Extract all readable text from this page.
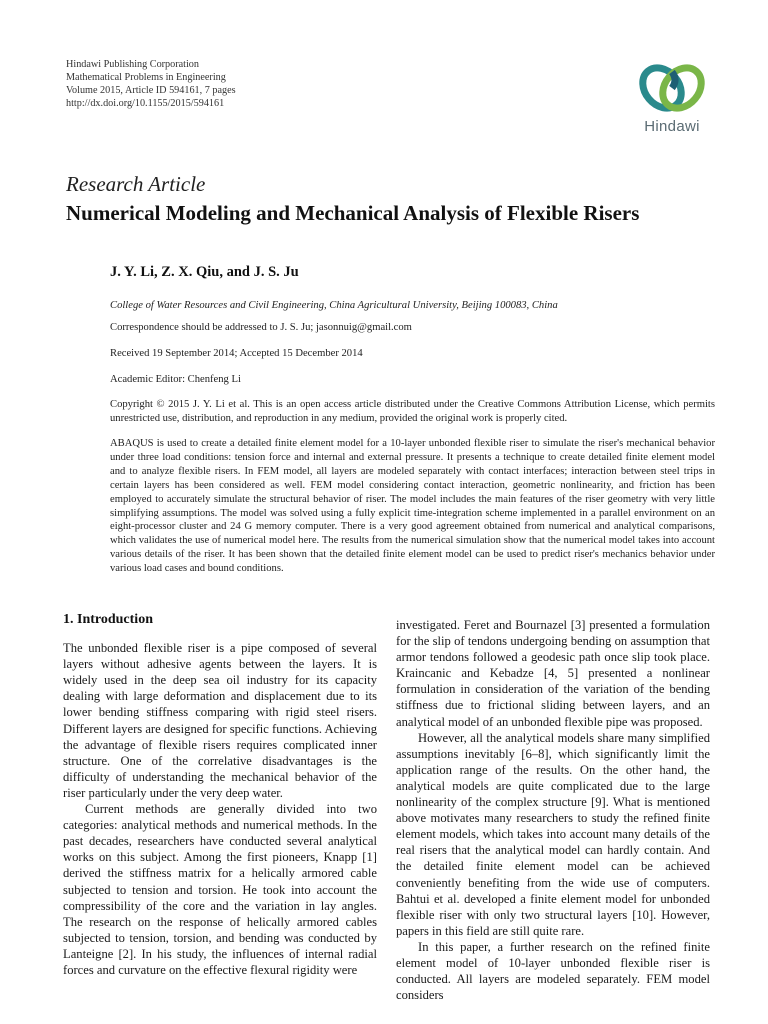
Hindawi Publishing Corporation
Mathematical Problems in Engineering
Volume 2015, Article ID 594161, 7 pages
http://dx.doi.org/10.1155/2015/594161
Hindawi
Research Article
Numerical Modeling and Mechanical Analysis of Flexible Risers
J. Y. Li, Z. X. Qiu, and J. S. Ju
College of Water Resources and Civil Engineering, China Agricultural University, Beijing 100083, China
Correspondence should be addressed to J. S. Ju; jasonnuig@gmail.com
Received 19 September 2014; Accepted 15 December 2014
Academic Editor: Chenfeng Li

Copyright © 2015 J. Y. Li et al. This is an open access article distributed under the Creative Commons Attribution License, which permits unrestricted use, distribution, and reproduction in any medium, provided the original work is properly cited.

ABAQUS is used to create a detailed finite element model for a 10-layer unbonded flexible riser to simulate the riser's mechanical behavior under three load conditions: tension force and internal and external pressure. It presents a technique to create detailed finite element model and to analyze flexible risers. In FEM model, all layers are modeled separately with contact interfaces; interaction between steel trips in certain layers has been considered as well. FEM model considering contact interaction, geometric nonlinearity, and friction has been employed to accurately simulate the structural behavior of riser. The model includes the main features of the riser geometry with very little simplifying assumptions. The model was solved using a fully explicit time-integration scheme implemented in a parallel environment on an eight-processor cluster and 24 G memory computer. There is a very good agreement obtained from numerical and analytical comparisons, which validates the use of numerical model here. The results from the numerical simulation show that the numerical model takes into account various details of the riser. It has been shown that the detailed finite element model can be used to predict riser's mechanics behavior under various load cases and bound conditions.

1. Introduction

The unbonded flexible riser is a pipe composed of several layers without adhesive agents between the layers. It is widely used in the deep sea oil industry for its capacity dealing with large deformation and displacement due to its lower bending stiffness comparing with rigid steel risers. Different layers are designed for specific functions. Achieving the advantage of flexible risers requires complicated inner structure. One of the correlative disadvantages is the difficulty of understanding the mechanical behavior of the riser particularly under the very deep water.

Current methods are generally divided into two categories: analytical methods and numerical methods. In the past decades, researchers have conducted several analytical works on this subject. Among the first pioneers, Knapp [1] derived the stiffness matrix for a helically armored cable subjected to tension and torsion. He took into account the compressibility of the core and the variation in lay angles. The research on the response of helically armored cables subjected to tension, torsion, and bending was conducted by Lanteigne [2]. In his study, the influences of internal radial forces and curvature on the effective flexural rigidity were

investigated. Feret and Bournazel [3] presented a formulation for the slip of tendons undergoing bending on assumption that armor tendons followed a geodesic path once slip took place. Kraincanic and Kebadze [4, 5] presented a nonlinear formulation in consideration of the variation of the bending stiffness due to frictional sliding between layers, and an analytical model of an unbonded flexible pipe was proposed.

However, all the analytical models share many simplified assumptions inevitably [6–8], which significantly limit the application range of the results. On the other hand, the analytical models are quite complicated due to the large nonlinearity of the complex structure [9]. What is mentioned above motivates many researchers to study the refined finite element models, which takes into account many details of the real risers that the analytical model can hardly contain. And the detailed finite element model can be achieved conveniently benefiting from the wide use of computers. Bahtui et al. developed a finite element model for unbonded flexible riser with only two structural layers [10]. However, papers in this field are still quite rare.

In this paper, a further research on the refined finite element model of 10-layer unbonded flexible riser is conducted. All layers are modeled separately. FEM model considers
